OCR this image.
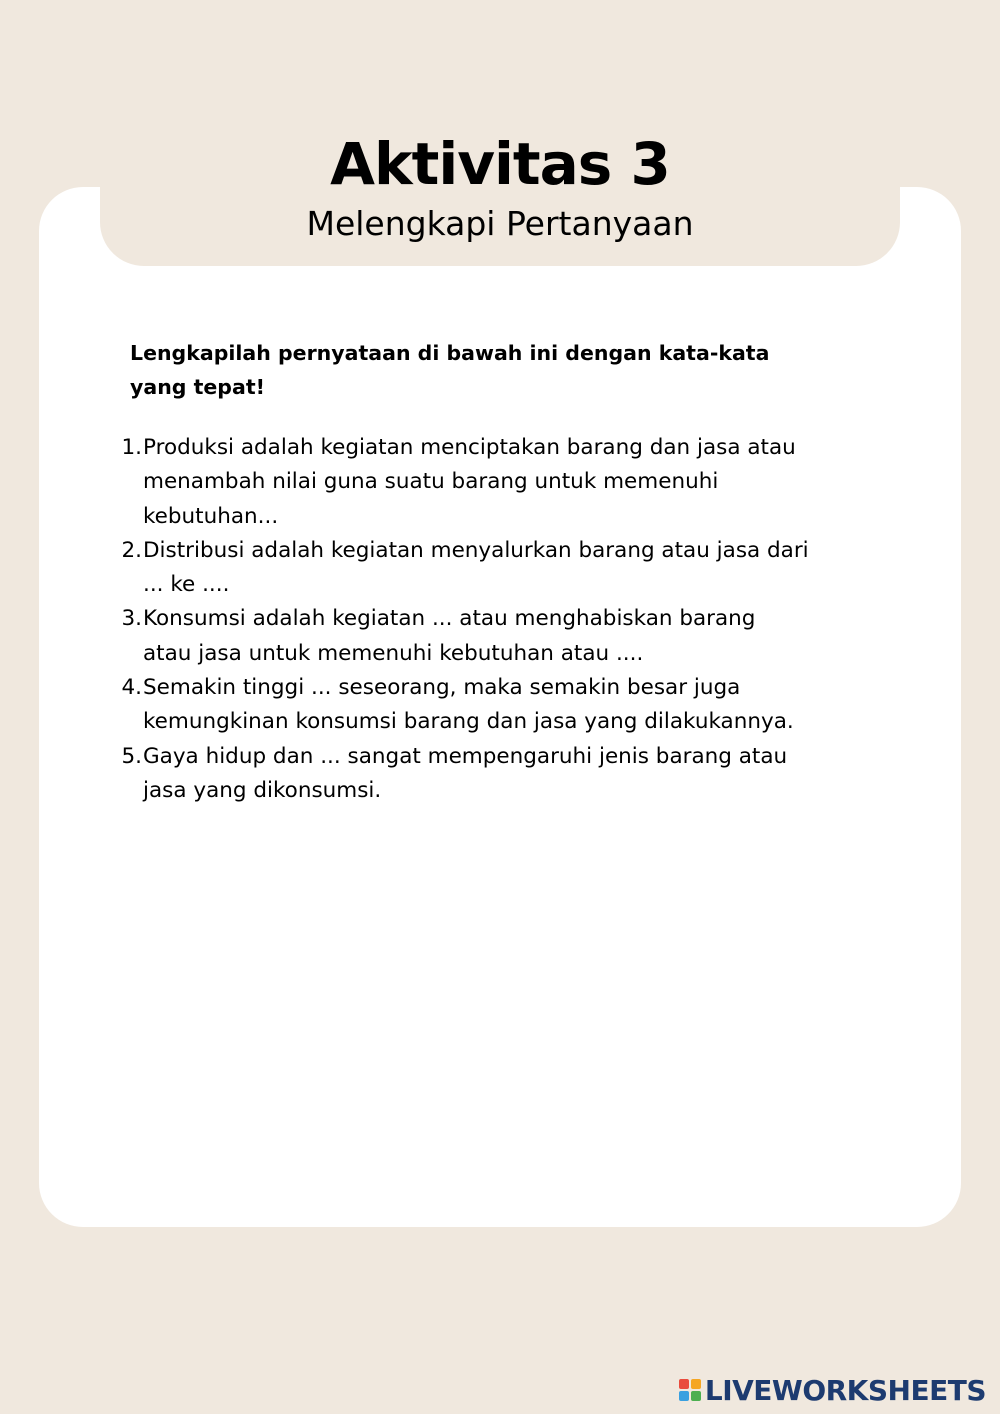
Aktivitas 3

Melengkapi Pertanyaan

Lengkapilah pernyataan di bawah ini dengan kata-kata yang tepat!

1. Produksi adalah kegiatan menciptakan barang dan jasa atau menambah nilai guna suatu barang untuk memenuhi kebutuhan...
2. Distribusi adalah kegiatan menyalurkan barang atau jasa dari ... ke ....
3. Konsumsi adalah kegiatan ... atau menghabiskan barang atau jasa untuk memenuhi kebutuhan atau ....
4. Semakin tinggi ... seseorang, maka semakin besar juga kemungkinan konsumsi barang dan jasa yang dilakukannya.
5. Gaya hidup dan ... sangat mempengaruhi jenis barang atau jasa yang dikonsumsi.
LIVEWORKSHEETS
